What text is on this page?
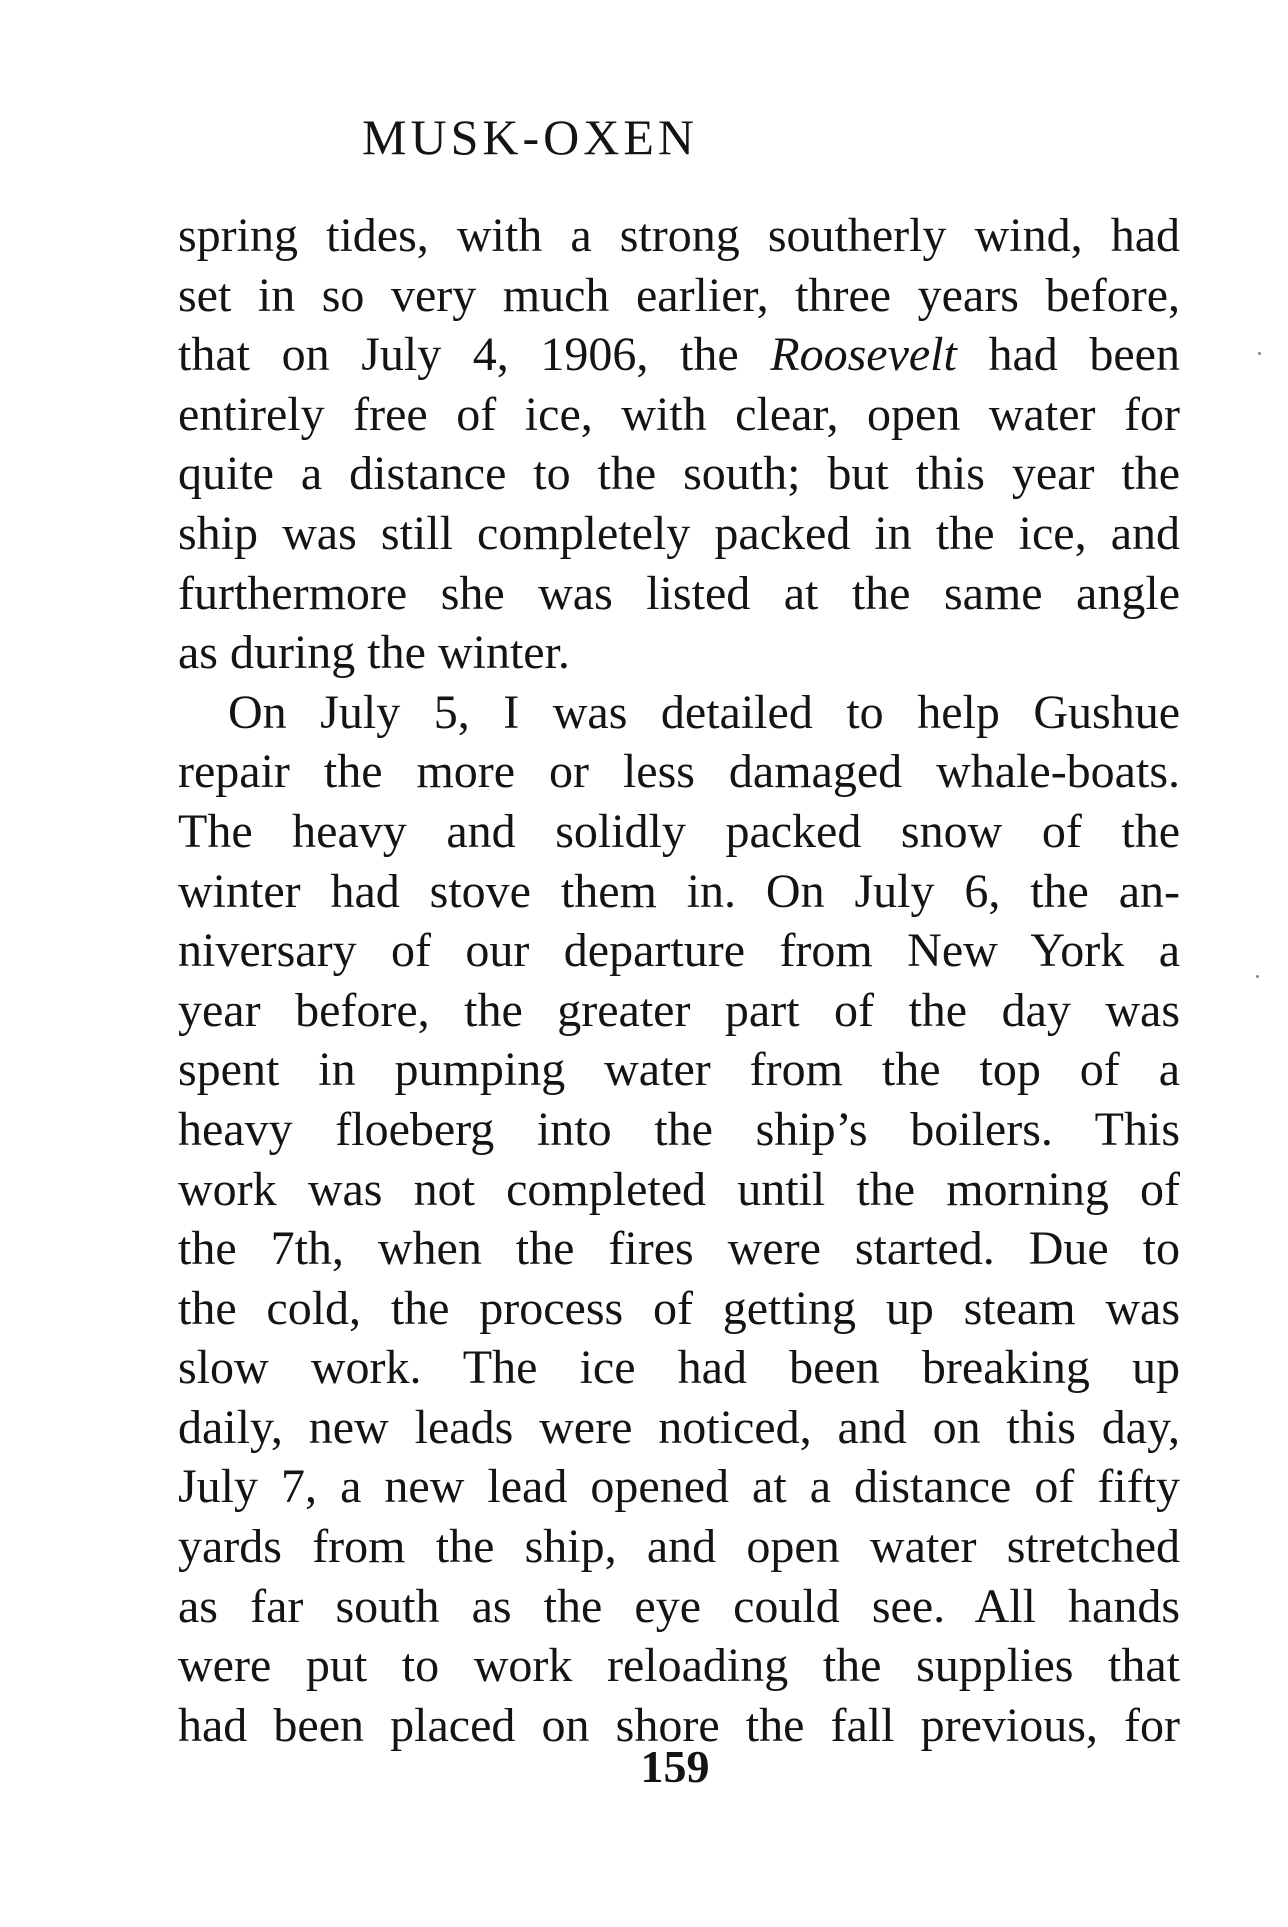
MUSK-OXEN
spring tides, with a strong southerly wind, had
set in so very much earlier, three years before,
that on July 4, 1906, the Roosevelt had been
entirely free of ice, with clear, open water for
quite a distance to the south; but this year the
ship was still completely packed in the ice, and
furthermore she was listed at the same angle
as during the winter.
On July 5, I was detailed to help Gushue
repair the more or less damaged whale-boats.
The heavy and solidly packed snow of the
winter had stove them in. On July 6, the an-
niversary of our departure from New York a
year before, the greater part of the day was
spent in pumping water from the top of a
heavy floeberg into the ship’s boilers. This
work was not completed until the morning of
the 7th, when the fires were started. Due to
the cold, the process of getting up steam was
slow work. The ice had been breaking up
daily, new leads were noticed, and on this day,
July 7, a new lead opened at a distance of fifty
yards from the ship, and open water stretched
as far south as the eye could see. All hands
were put to work reloading the supplies that
had been placed on shore the fall previous, for
159
